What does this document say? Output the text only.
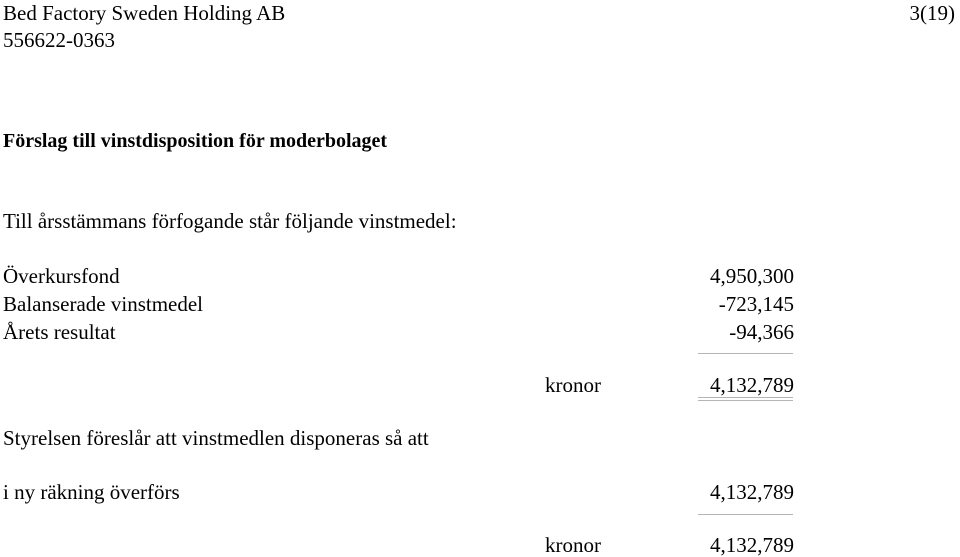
Bed Factory Sweden Holding AB
556622-0363
3(19)
Förslag till vinstdisposition för moderbolaget
Till årsstämmans förfogande står följande vinstmedel:
Överkursfond	4,950,300
Balanserade vinstmedel	-723,145
Årets resultat	-94,366
kronor	4,132,789
Styrelsen föreslår att vinstmedlen disponeras så att
i ny räkning överförs	4,132,789
kronor	4,132,789
